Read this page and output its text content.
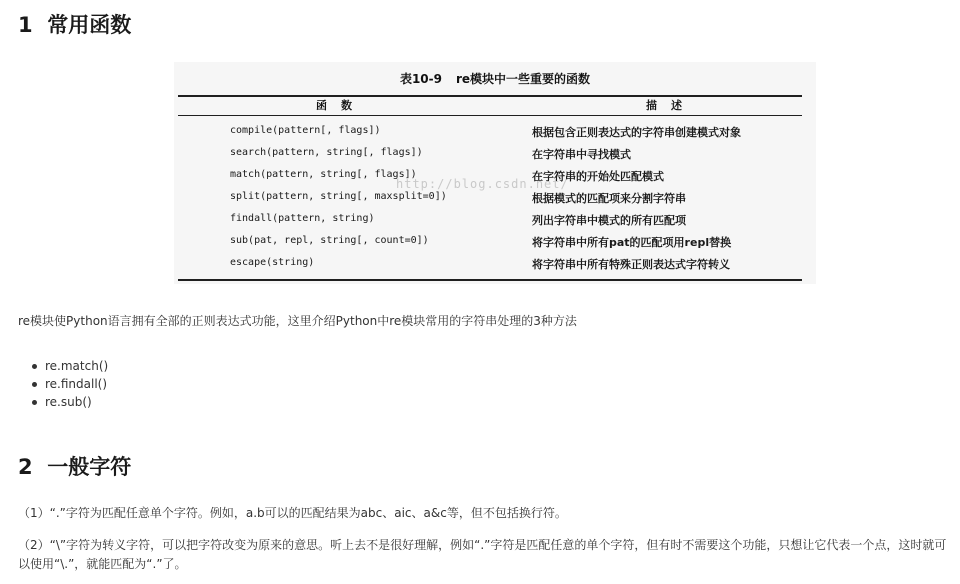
1 常用函数
表10-9 re模块中一些重要的函数
函数	描述
compile(pattern[, flags])	根据包含正则表达式的字符串创建模式对象
search(pattern, string[, flags])	在字符串中寻找模式
match(pattern, string[, flags])	在字符串的开始处匹配模式
split(pattern, string[, maxsplit=0])	根据模式的匹配项来分割字符串
findall(pattern, string)	列出字符串中模式的所有匹配项
sub(pat, repl, string[, count=0])	将字符串中所有pat的匹配项用repl替换
escape(string)	将字符串中所有特殊正则表达式字符转义
http://blog.csdn.net/

re模块使Python语言拥有全部的正则表达式功能，这里介绍Python中re模块常用的字符串处理的3种方法

re.match()
re.findall()
re.sub()
2 一般字符

（1）“.”字符为匹配任意单个字符。例如，a.b可以的匹配结果为abc、aic、a&c等，但不包括换行符。

（2）“\”字符为转义字符，可以把字符改变为原来的意思。听上去不是很好理解，例如“.”字符是匹配任意的单个字符，但有时不需要这个功能，只想让它代表一个点，这时就可以使用“\.”，就能匹配为“.”了。
